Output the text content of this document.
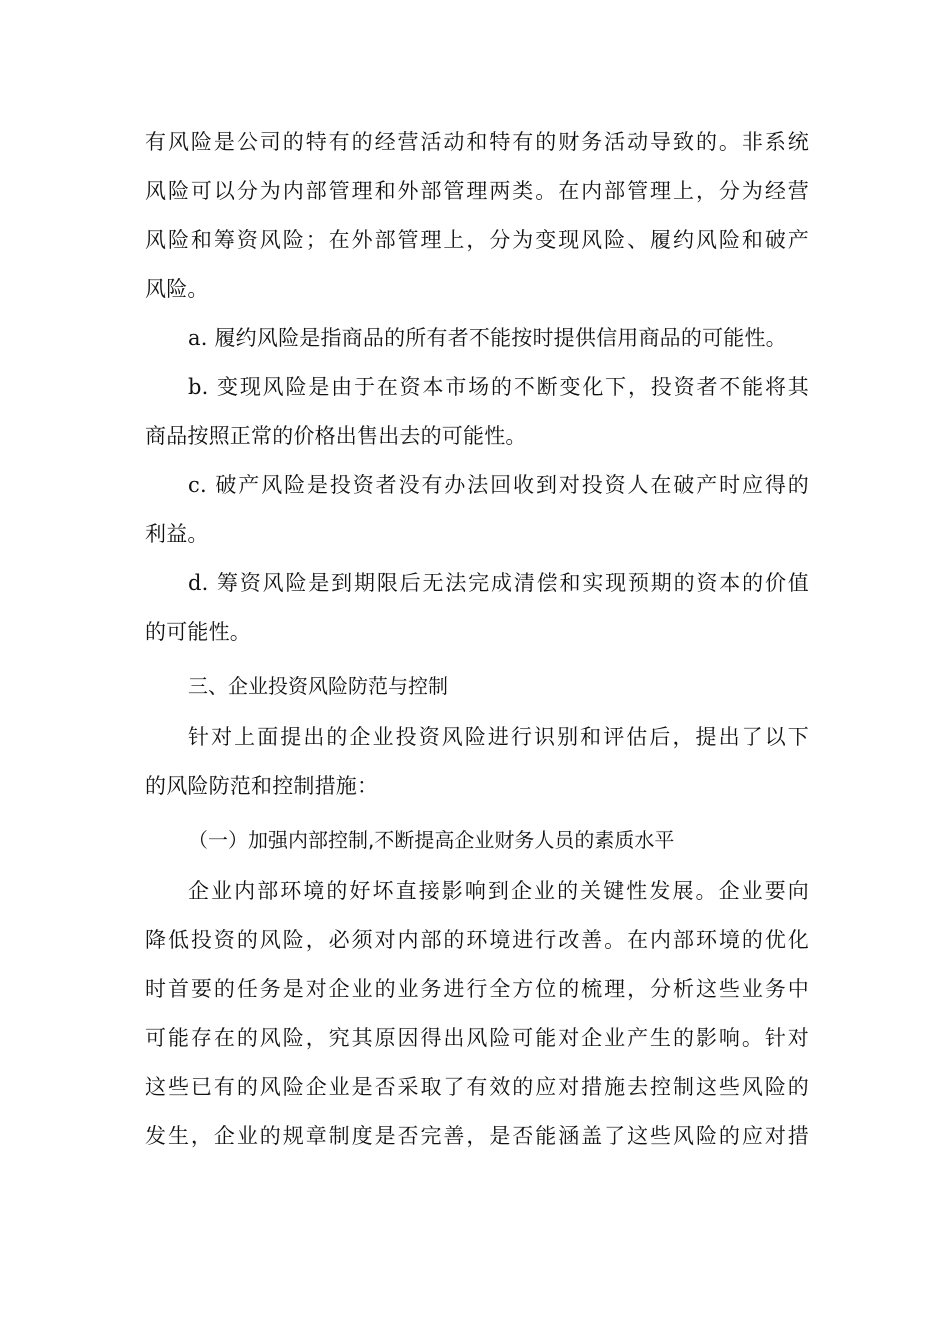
有风险是公司的特有的经营活动和特有的财务活动导致的。非系统
风险可以分为内部管理和外部管理两类。在内部管理上，分为经营
风险和筹资风险；在外部管理上，分为变现风险、履约风险和破产
风险。
a. 履约风险是指商品的所有者不能按时提供信用商品的可能性。
b. 变现风险是由于在资本市场的不断变化下，投资者不能将其
商品按照正常的价格出售出去的可能性。
c. 破产风险是投资者没有办法回收到对投资人在破产时应得的
利益。
d. 筹资风险是到期限后无法完成清偿和实现预期的资本的价值
的可能性。
三、企业投资风险防范与控制
针对上面提出的企业投资风险进行识别和评估后，提出了以下
的风险防范和控制措施：
（一）加强内部控制,不断提高企业财务人员的素质水平
企业内部环境的好坏直接影响到企业的关键性发展。企业要向
降低投资的风险，必须对内部的环境进行改善。在内部环境的优化
时首要的任务是对企业的业务进行全方位的梳理，分析这些业务中
可能存在的风险，究其原因得出风险可能对企业产生的影响。针对
这些已有的风险企业是否采取了有效的应对措施去控制这些风险的
发生，企业的规章制度是否完善，是否能涵盖了这些风险的应对措
